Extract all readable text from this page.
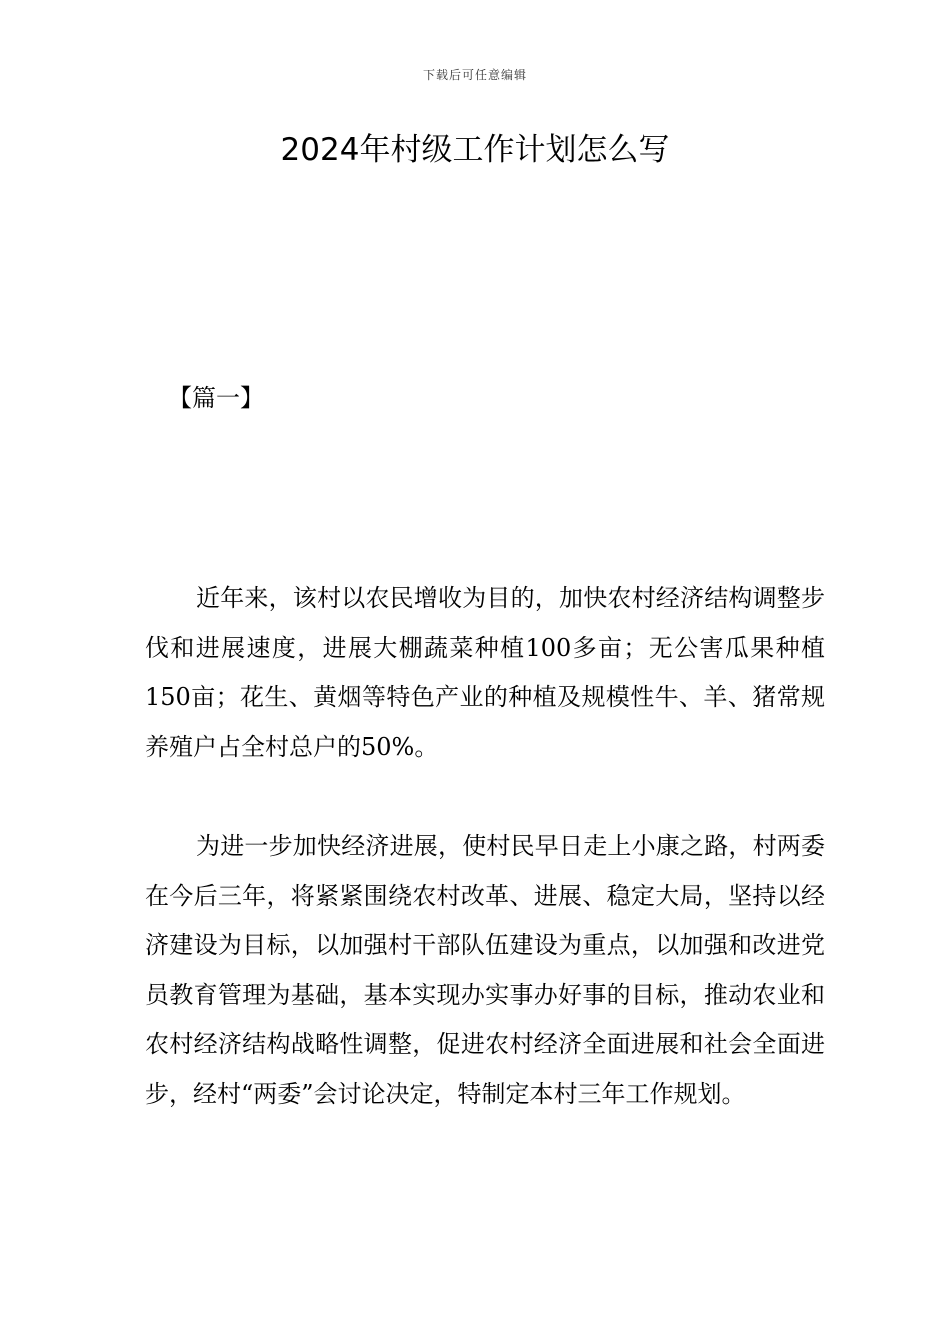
下载后可任意编辑
2024年村级工作计划怎么写
【篇一】

近年来，该村以农民增收为目的，加快农村经济结构调整步伐和进展速度，进展大棚蔬菜种植100多亩；无公害瓜果种植150亩；花生、黄烟等特色产业的种植及规模性牛、羊、猪常规养殖户占全村总户的50%。

为进一步加快经济进展，使村民早日走上小康之路，村两委在今后三年，将紧紧围绕农村改革、进展、稳定大局，坚持以经济建设为目标，以加强村干部队伍建设为重点，以加强和改进党员教育管理为基础，基本实现办实事办好事的目标，推动农业和农村经济结构战略性调整，促进农村经济全面进展和社会全面进步，经村“两委”会讨论决定，特制定本村三年工作规划。
